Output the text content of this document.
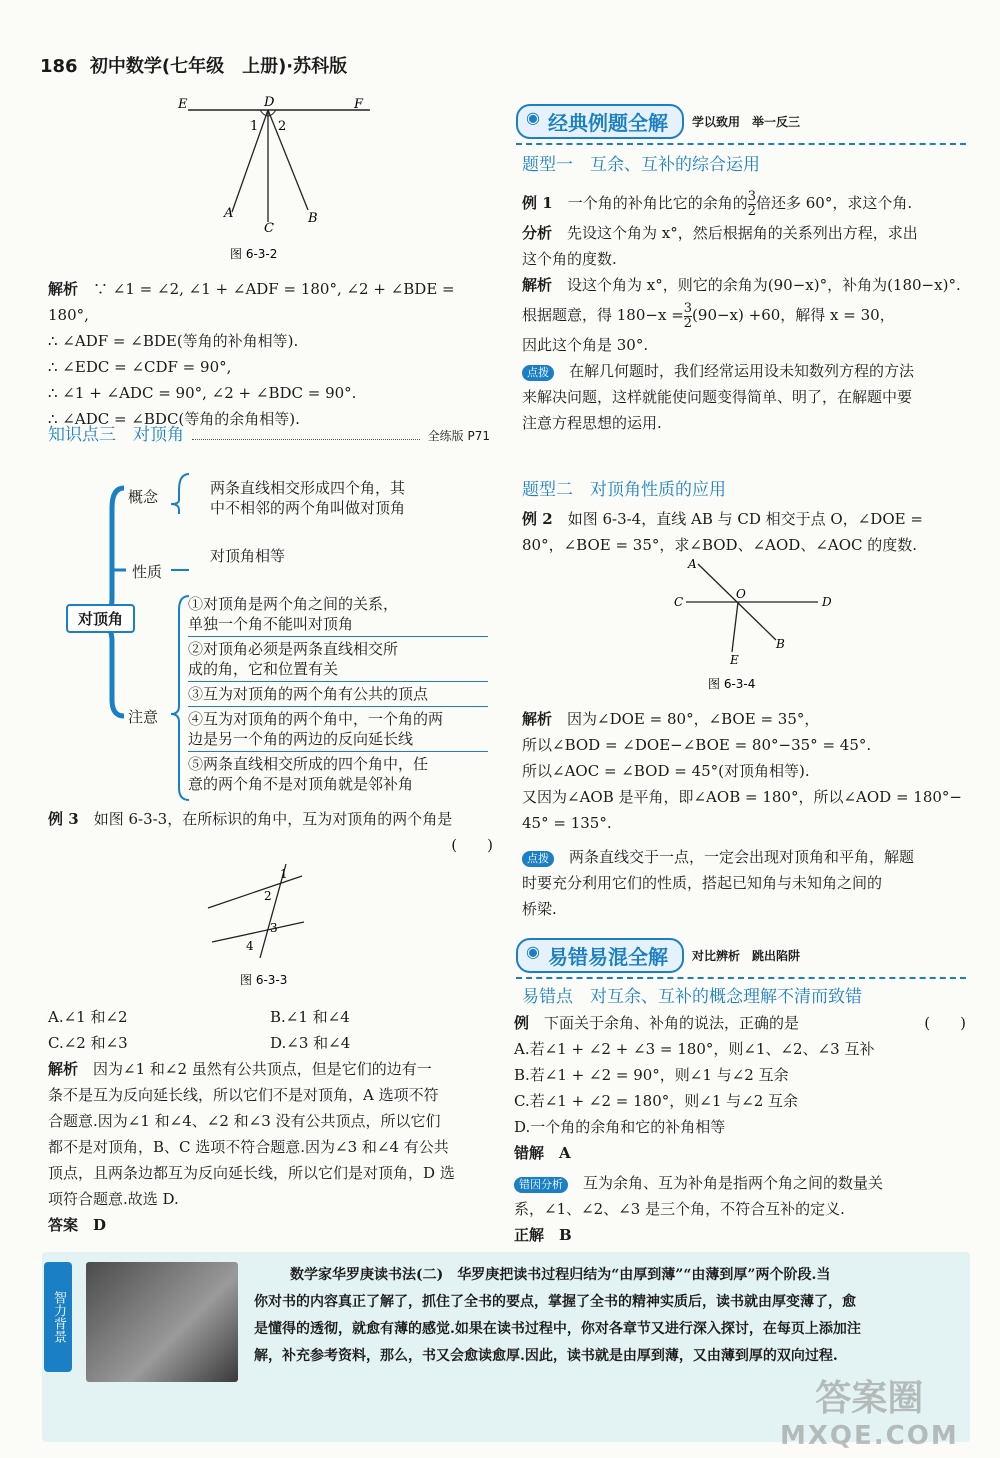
186 初中数学(七年级　上册)·苏科版
E	D	F
1 2
A
C
B
图 6-3-2
解析　 ∵ ∠1 = ∠2, ∠1 + ∠ADF = 180°, ∠2 + ∠BDE = 180°,
∴ ∠ADF = ∠BDE(等角的补角相等).
∴ ∠EDC = ∠CDF = 90°,
∴ ∠1 + ∠ADC = 90°, ∠2 + ∠BDC = 90°.
∴ ∠ADC = ∠BDC(等角的余角相等).
知识点三　对顶角	全练版 P71
对顶角
概念
性质
注意
两条直线相交形成四个角，其
中不相邻的两个角叫做对顶角
对顶角相等
①对顶角是两个角之间的关系，
单独一个角不能叫对顶角
②对顶角必须是两条直线相交所
成的角，它和位置有关
③互为对顶角的两个角有公共的顶点
④互为对顶角的两个角中，一个角的两
边是另一个角的两边的反向延长线
⑤两条直线相交所成的四个角中，任
意的两个角不是对顶角就是邻补角
例 3　 如图 6-3-3，在所标识的角中，互为对顶角的两个角是
(　　)
1
2
3
4
图 6-3-3
A.∠1 和∠2	B.∠1 和∠4
C.∠2 和∠3	D.∠3 和∠4
解析　 因为∠1 和∠2 虽然有公共顶点，但是它们的边有一
条不是互为反向延长线，所以它们不是对顶角，A 选项不符
合题意.因为∠1 和∠4、∠2 和∠3 没有公共顶点，所以它们
都不是对顶角，B、C 选项不符合题意.因为∠3 和∠4 有公共
顶点，且两条边都互为反向延长线，所以它们是对顶角，D 选
项符合题意.故选 D.
答案　 D
◉ 经典例题全解	学以致用　举一反三
题型一　互余、互补的综合运用
例 1　 一个角的补角比它的余角的 $\frac{3}{2}$ 倍还多 60°，求这个角.
分析　 先设这个角为 x°，然后根据角的关系列出方程，求出
这个角的度数.
解析　 设这个角为 x°，则它的余角为(90−x)°，补角为(180−x)°.
根据题意，得 $180-x = \frac{3}{2} (90-x) +60$，解得 x = 30，
因此这个角是 30°.
点拨　 在解几何题时，我们经常运用设未知数列方程的方法
来解决问题，这样就能使问题变得简单、明了，在解题中要
注意方程思想的运用.
题型二　对顶角性质的应用
例 2　 如图 6-3-4，直线 AB 与 CD 相交于点 O，∠DOE =
80°，∠BOE = 35°，求∠BOD、∠AOD、∠AOC 的度数.
A
C
O
D
B
E
图 6-3-4
解析　 因为∠DOE = 80°，∠BOE = 35°，
所以∠BOD = ∠DOE−∠BOE = 80°−35° = 45°.
所以∠AOC = ∠BOD = 45°(对顶角相等).
又因为∠AOB 是平角，即∠AOB = 180°，所以∠AOD = 180°−
45° = 135°.
点拨　 两条直线交于一点，一定会出现对顶角和平角，解题
时要充分利用它们的性质，搭起已知角与未知角之间的
桥梁.
◉ 易错易混全解	对比辨析　跳出陷阱
易错点　对互余、互补的概念理解不清而致错
例　 下面关于余角、补角的说法，正确的是	(　　)
A.若∠1 + ∠2 + ∠3 = 180°，则∠1、∠2、∠3 互补
B.若∠1 + ∠2 = 90°，则∠1 与∠2 互余
C.若∠1 + ∠2 = 180°，则∠1 与∠2 互余
D.一个角的余角和它的补角相等
错解　 A
错因分析　 互为余角、互为补角是指两个角之间的数量关
系，∠1、∠2、∠3 是三个角，不符合互补的定义.
正解　 B
智力背景
数学家华罗庚读书法(二)　 华罗庚把读书过程归结为“由厚到薄”“由薄到厚”两个阶段.当
你对书的内容真正了解了，抓住了全书的要点，掌握了全书的精神实质后，读书就由厚变薄了，愈
是懂得的透彻，就愈有薄的感觉.如果在读书过程中，你对各章节又进行深入探讨，在每页上添加注
解，补充参考资料，那么，书又会愈读愈厚.因此，读书就是由厚到薄，又由薄到厚的双向过程.
答案圈
MXQE.COM
